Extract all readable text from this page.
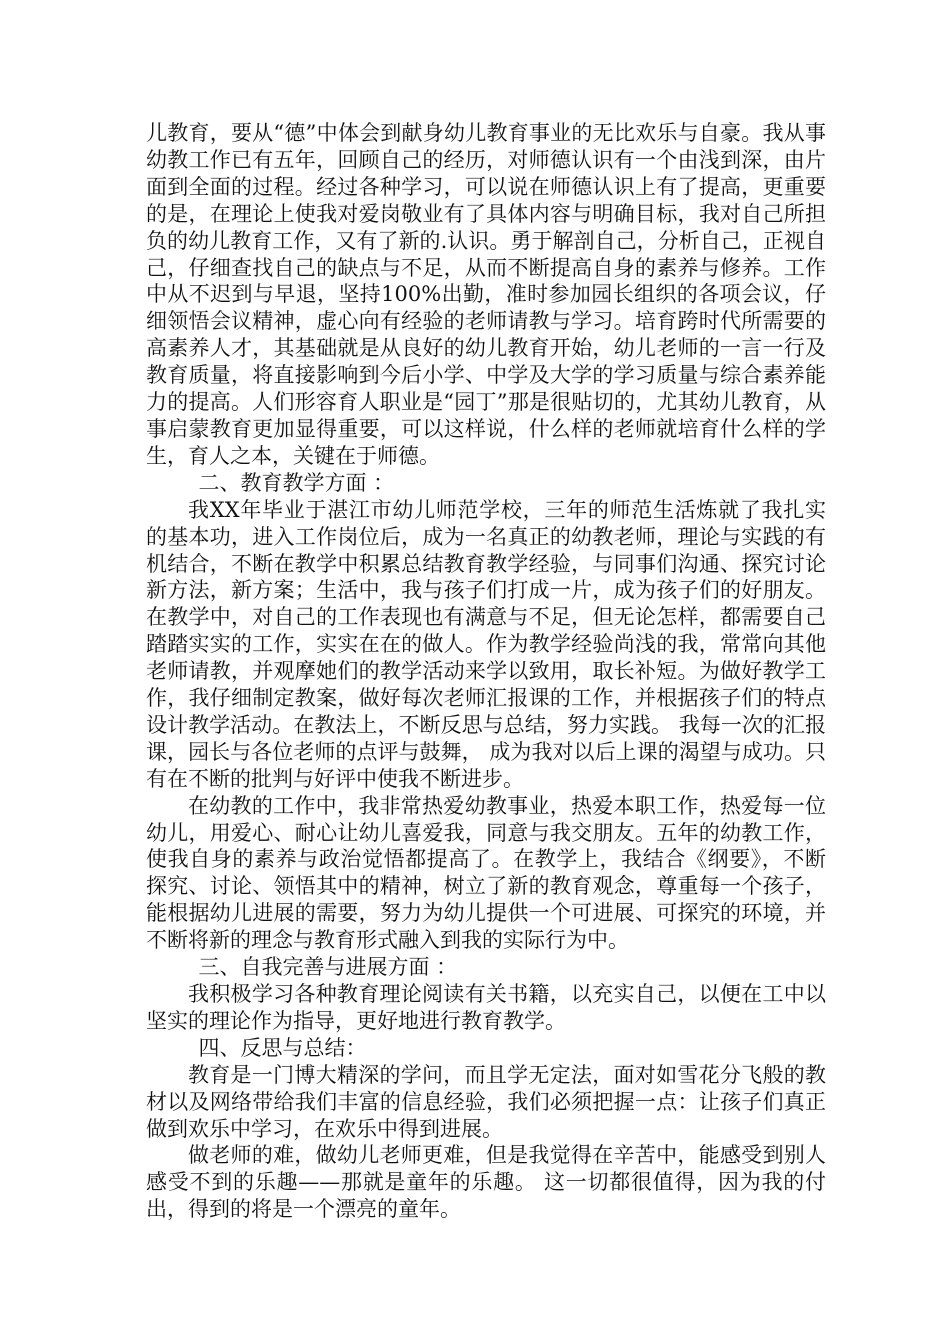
儿教育，要从“德”中体会到献身幼儿教育事业的无比欢乐与自豪。我从事幼教工作已有五年，回顾自己的经历，对师德认识有一个由浅到深，由片面到全面的过程。经过各种学习，可以说在师德认识上有了提高，更重要的是，在理论上使我对爱岗敬业有了具体内容与明确目标，我对自己所担负的幼儿教育工作，又有了新的.认识。勇于解剖自己，分析自己，正视自己，仔细查找自己的缺点与不足，从而不断提高自身的素养与修养。工作中从不迟到与早退，坚持100%出勤，准时参加园长组织的各项会议，仔细领悟会议精神，虚心向有经验的老师请教与学习。培育跨时代所需要的高素养人才，其基础就是从良好的幼儿教育开始，幼儿老师的一言一行及教育质量，将直接影响到今后小学、中学及大学的学习质量与综合素养能力的提高。人们形容育人职业是“园丁”那是很贴切的，尤其幼儿教育，从事启蒙教育更加显得重要，可以这样说，什么样的老师就培育什么样的学生，育人之本，关键在于师德。

二、教育教学方面 ：

我XX年毕业于湛江市幼儿师范学校，三年的师范生活炼就了我扎实的基本功，进入工作岗位后，成为一名真正的幼教老师，理论与实践的有机结合，不断在教学中积累总结教育教学经验，与同事们沟通、探究讨论新方法，新方案；生活中，我与孩子们打成一片，成为孩子们的好朋友。在教学中，对自己的工作表现也有满意与不足，但无论怎样，都需要自己踏踏实实的工作，实实在在的做人。作为教学经验尚浅的我，常常向其他老师请教，并观摩她们的教学活动来学以致用，取长补短。为做好教学工作，我仔细制定教案，做好每次老师汇报课的工作，并根据孩子们的特点设计教学活动。在教法上，不断反思与总结，努力实践。 我每一次的汇报课，园长与各位老师的点评与鼓舞， 成为我对以后上课的渴望与成功。只有在不断的批判与好评中使我不断进步。

在幼教的工作中，我非常热爱幼教事业，热爱本职工作，热爱每一位幼儿，用爱心、耐心让幼儿喜爱我，同意与我交朋友。五年的幼教工作，使我自身的素养与政治觉悟都提高了。在教学上，我结合《纲要》，不断探究、讨论、领悟其中的精神，树立了新的教育观念，尊重每一个孩子，能根据幼儿进展的需要，努力为幼儿提供一个可进展、可探究的环境，并不断将新的理念与教育形式融入到我的实际行为中。

三、自我完善与进展方面 ：

我积极学习各种教育理论阅读有关书籍，以充实自己，以便在工中以坚实的理论作为指导，更好地进行教育教学。

四、反思与总结：

教育是一门博大精深的学问，而且学无定法，面对如雪花分飞般的教材以及网络带给我们丰富的信息经验，我们必须把握一点：让孩子们真正做到欢乐中学习，在欢乐中得到进展。

做老师的难，做幼儿老师更难，但是我觉得在辛苦中，能感受到别人感受不到的乐趣——那就是童年的乐趣。 这一切都很值得，因为我的付出，得到的将是一个漂亮的童年。
